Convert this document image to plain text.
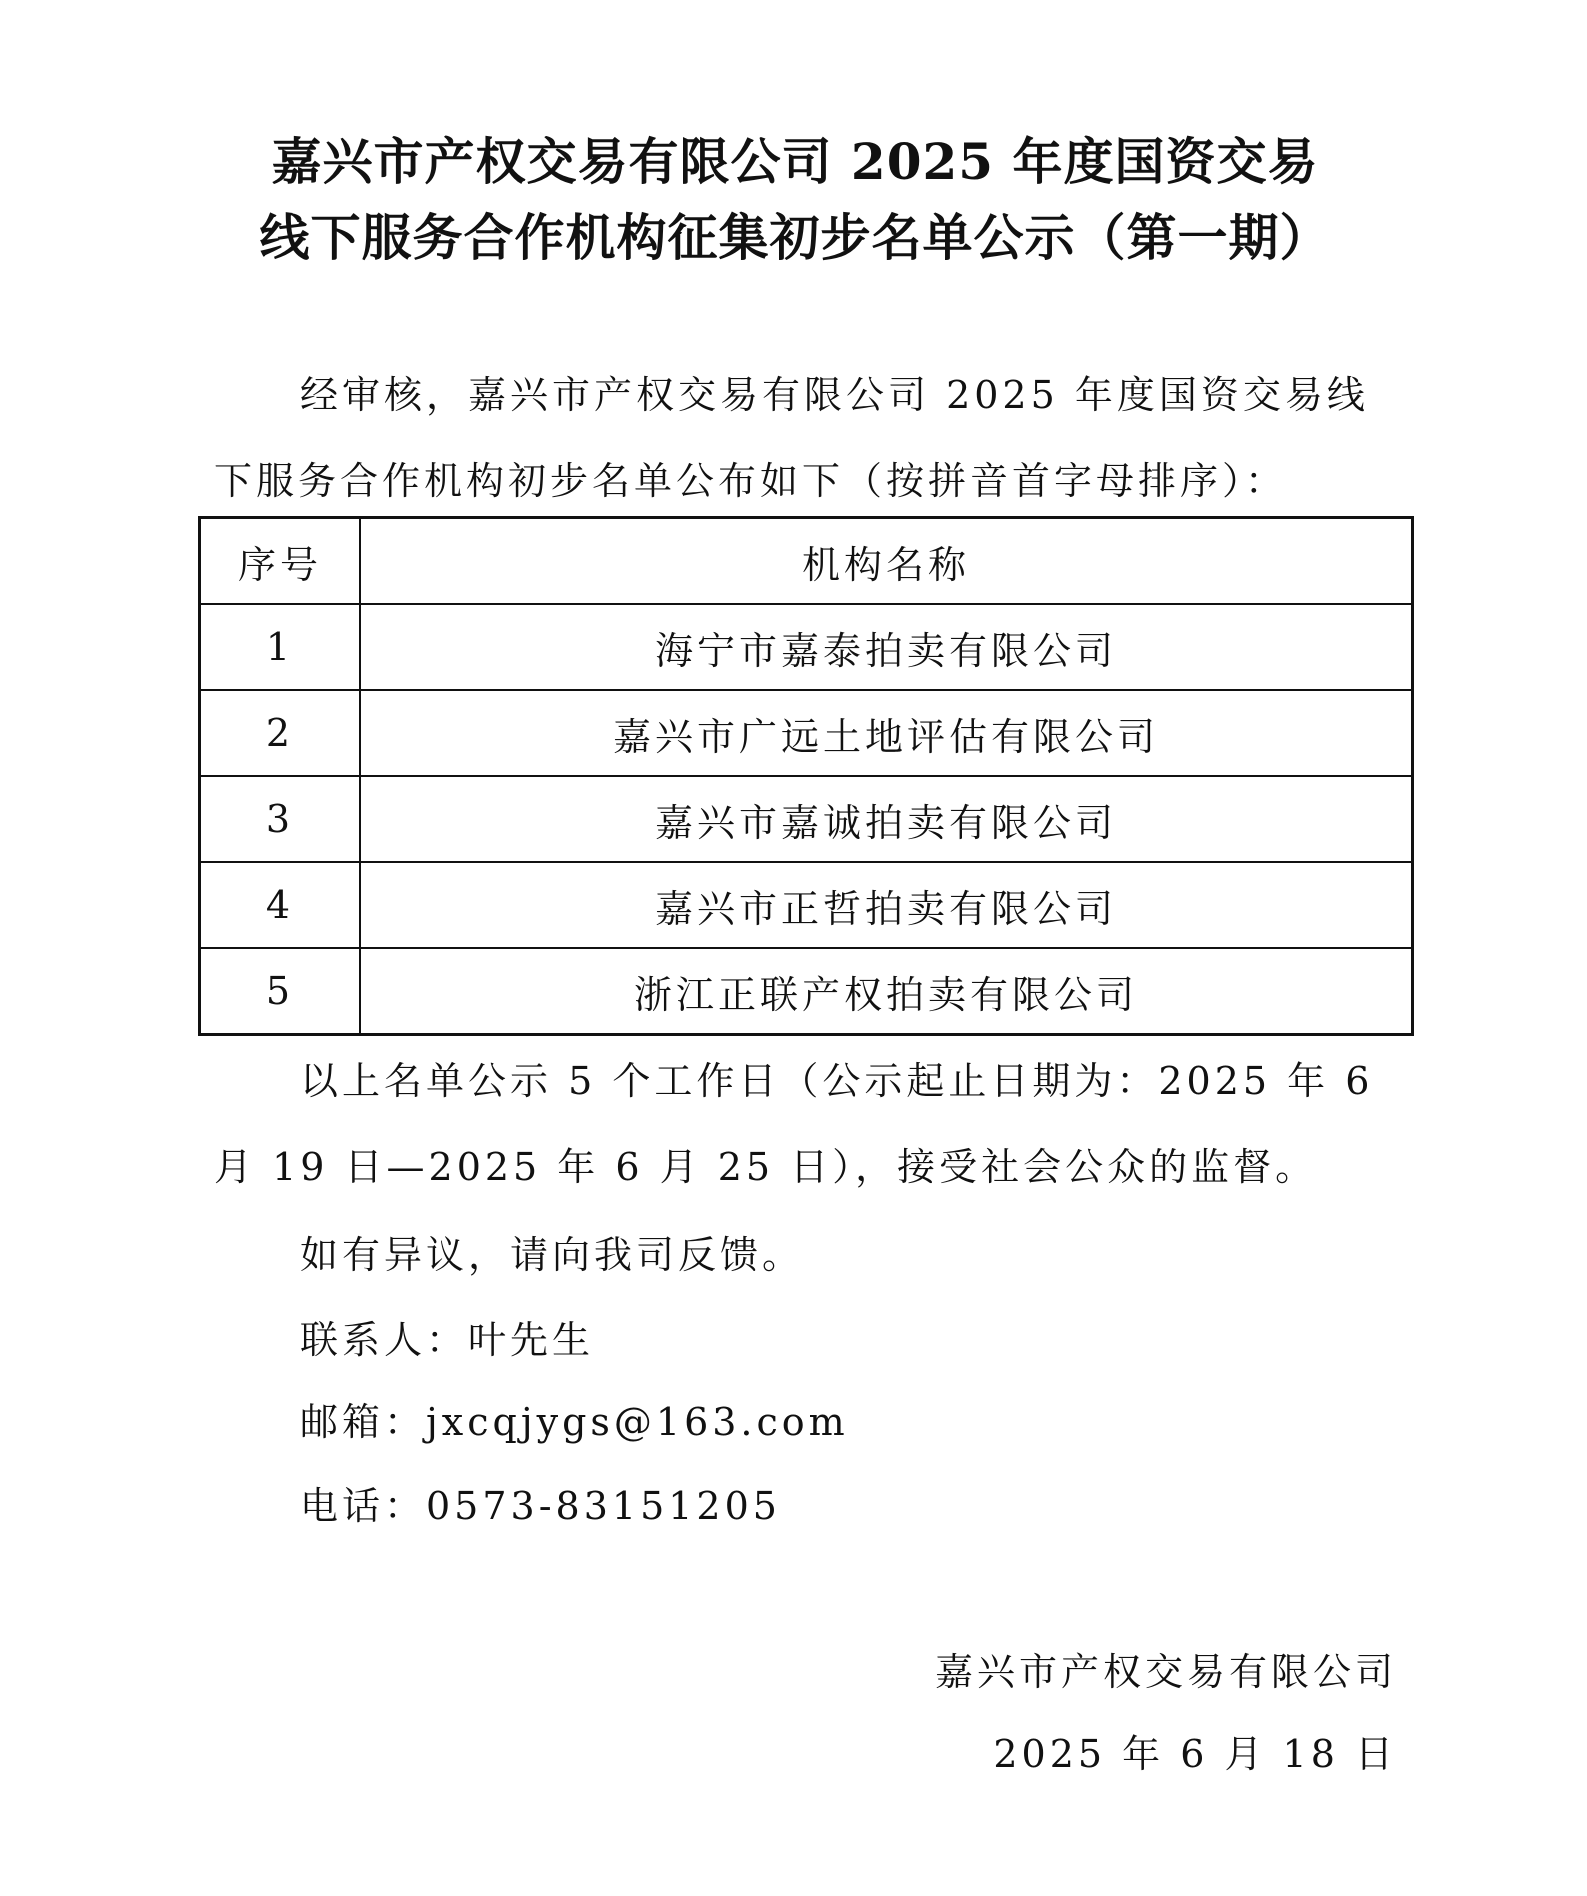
嘉兴市产权交易有限公司 2025 年度国资交易
线下服务合作机构征集初步名单公示（第一期）

经审核，嘉兴市产权交易有限公司 2025 年度国资交易线下服务合作机构初步名单公布如下（按拼音首字母排序）：

序号	机构名称
1	海宁市嘉泰拍卖有限公司
2	嘉兴市广远土地评估有限公司
3	嘉兴市嘉诚拍卖有限公司
4	嘉兴市正哲拍卖有限公司
5	浙江正联产权拍卖有限公司

以上名单公示 5 个工作日（公示起止日期为：2025 年 6 月 19 日—2025 年 6 月 25 日），接受社会公众的监督。

如有异议，请向我司反馈。

联系人：叶先生

邮箱：jxcqjygs@163.com

电话：0573-83151205

嘉兴市产权交易有限公司

2025 年 6 月 18 日
